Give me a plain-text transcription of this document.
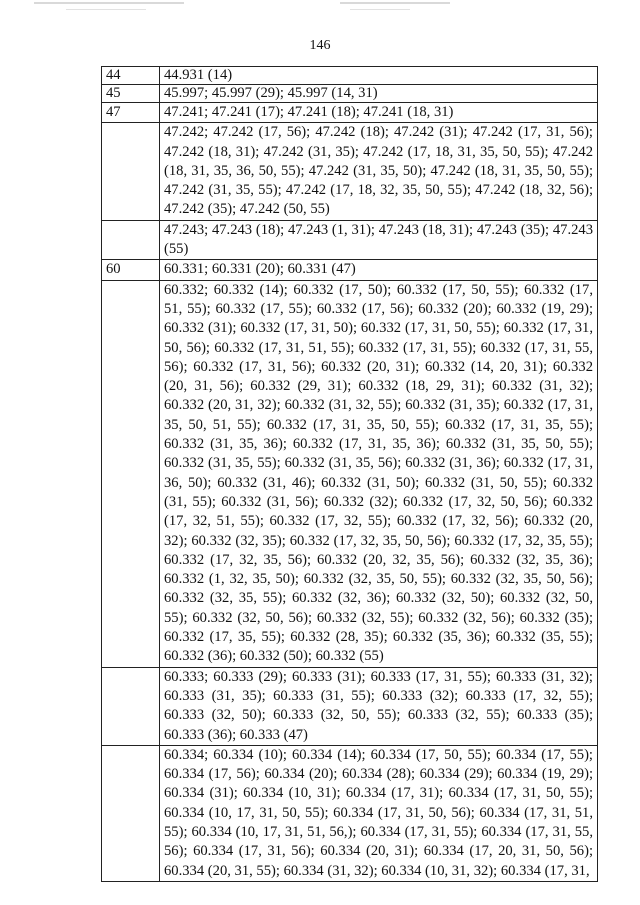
146
44	44.931 (14)
45	45.997; 45.997 (29); 45.997 (14, 31)
47	47.241; 47.241 (17); 47.241 (18); 47.241 (18, 31)
	47.242; 47.242 (17, 56); 47.242 (18); 47.242 (31); 47.242 (17, 31, 56); 47.242 (18, 31); 47.242 (31, 35); 47.242 (17, 18, 31, 35, 50, 55); 47.242 (18, 31, 35, 36, 50, 55); 47.242 (31, 35, 50); 47.242 (18, 31, 35, 50, 55); 47.242 (31, 35, 55); 47.242 (17, 18, 32, 35, 50, 55); 47.242 (18, 32, 56); 47.242 (35); 47.242 (50, 55)
	47.243; 47.243 (18); 47.243 (1, 31); 47.243 (18, 31); 47.243 (35); 47.243 (55)
60	60.331; 60.331 (20); 60.331 (47)
	60.332; 60.332 (14); 60.332 (17, 50); 60.332 (17, 50, 55); 60.332 (17, 51, 55); 60.332 (17, 55); 60.332 (17, 56); 60.332 (20); 60.332 (19, 29); 60.332 (31); 60.332 (17, 31, 50); 60.332 (17, 31, 50, 55); 60.332 (17, 31, 50, 56); 60.332 (17, 31, 51, 55); 60.332 (17, 31, 55); 60.332 (17, 31, 55, 56); 60.332 (17, 31, 56); 60.332 (20, 31); 60.332 (14, 20, 31); 60.332 (20, 31, 56); 60.332 (29, 31); 60.332 (18, 29, 31); 60.332 (31, 32); 60.332 (20, 31, 32); 60.332 (31, 32, 55); 60.332 (31, 35); 60.332 (17, 31, 35, 50, 51, 55); 60.332 (17, 31, 35, 50, 55); 60.332 (17, 31, 35, 55); 60.332 (31, 35, 36); 60.332 (17, 31, 35, 36); 60.332 (31, 35, 50, 55); 60.332 (31, 35, 55); 60.332 (31, 35, 56); 60.332 (31, 36); 60.332 (17, 31, 36, 50); 60.332 (31, 46); 60.332 (31, 50); 60.332 (31, 50, 55); 60.332 (31, 55); 60.332 (31, 56); 60.332 (32); 60.332 (17, 32, 50, 56); 60.332 (17, 32, 51, 55); 60.332 (17, 32, 55); 60.332 (17, 32, 56); 60.332 (20, 32); 60.332 (32, 35); 60.332 (17, 32, 35, 50, 56); 60.332 (17, 32, 35, 55); 60.332 (17, 32, 35, 56); 60.332 (20, 32, 35, 56); 60.332 (32, 35, 36); 60.332 (1, 32, 35, 50); 60.332 (32, 35, 50, 55); 60.332 (32, 35, 50, 56); 60.332 (32, 35, 55); 60.332 (32, 36); 60.332 (32, 50); 60.332 (32, 50, 55); 60.332 (32, 50, 56); 60.332 (32, 55); 60.332 (32, 56); 60.332 (35); 60.332 (17, 35, 55); 60.332 (28, 35); 60.332 (35, 36); 60.332 (35, 55); 60.332 (36); 60.332 (50); 60.332 (55)
	60.333; 60.333 (29); 60.333 (31); 60.333 (17, 31, 55); 60.333 (31, 32); 60.333 (31, 35); 60.333 (31, 55); 60.333 (32); 60.333 (17, 32, 55); 60.333 (32, 50); 60.333 (32, 50, 55); 60.333 (32, 55); 60.333 (35); 60.333 (36); 60.333 (47)
	60.334; 60.334 (10); 60.334 (14); 60.334 (17, 50, 55); 60.334 (17, 55); 60.334 (17, 56); 60.334 (20); 60.334 (28); 60.334 (29); 60.334 (19, 29); 60.334 (31); 60.334 (10, 31); 60.334 (17, 31); 60.334 (17, 31, 50, 55); 60.334 (10, 17, 31, 50, 55); 60.334 (17, 31, 50, 56); 60.334 (17, 31, 51, 55); 60.334 (10, 17, 31, 51, 56,); 60.334 (17, 31, 55); 60.334 (17, 31, 55, 56); 60.334 (17, 31, 56); 60.334 (20, 31); 60.334 (17, 20, 31, 50, 56); 60.334 (20, 31, 55); 60.334 (31, 32); 60.334 (10, 31, 32); 60.334 (17, 31,
